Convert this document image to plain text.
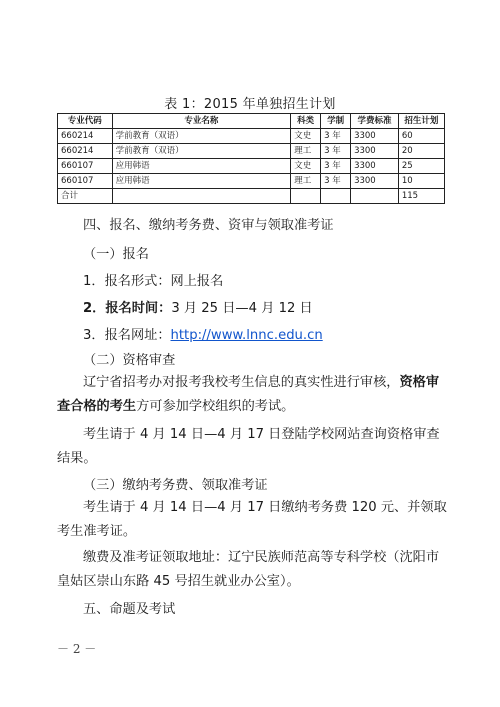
表 1：2015 年单独招生计划
专业代码	专业名称	科类	学制	学费标准	招生计划
660214	学前教育（双语）	文史	3 年	3300	60
660214	学前教育（双语）	理工	3 年	3300	20
660107	应用韩语	文史	3 年	3300	25
660107	应用韩语	理工	3 年	3300	10
合计					115
四、报名、缴纳考务费、资审与领取准考证
（一）报名
1．报名形式：网上报名
2．报名时间：3 月 25 日—4 月 12 日
3．报名网址：http://www.lnnc.edu.cn
（二）资格审查
辽宁省招考办对报考我校考生信息的真实性进行审核，资格审查合格的考生方可参加学校组织的考试。
考生请于 4 月 14 日—4 月 17 日登陆学校网站查询资格审查结果。
（三）缴纳考务费、领取准考证
考生请于 4 月 14 日—4 月 17 日缴纳考务费 120 元、并领取考生准考证。
缴费及准考证领取地址：辽宁民族师范高等专科学校（沈阳市皇姑区崇山东路 45 号招生就业办公室）。
五、命题及考试
－ 2 －
